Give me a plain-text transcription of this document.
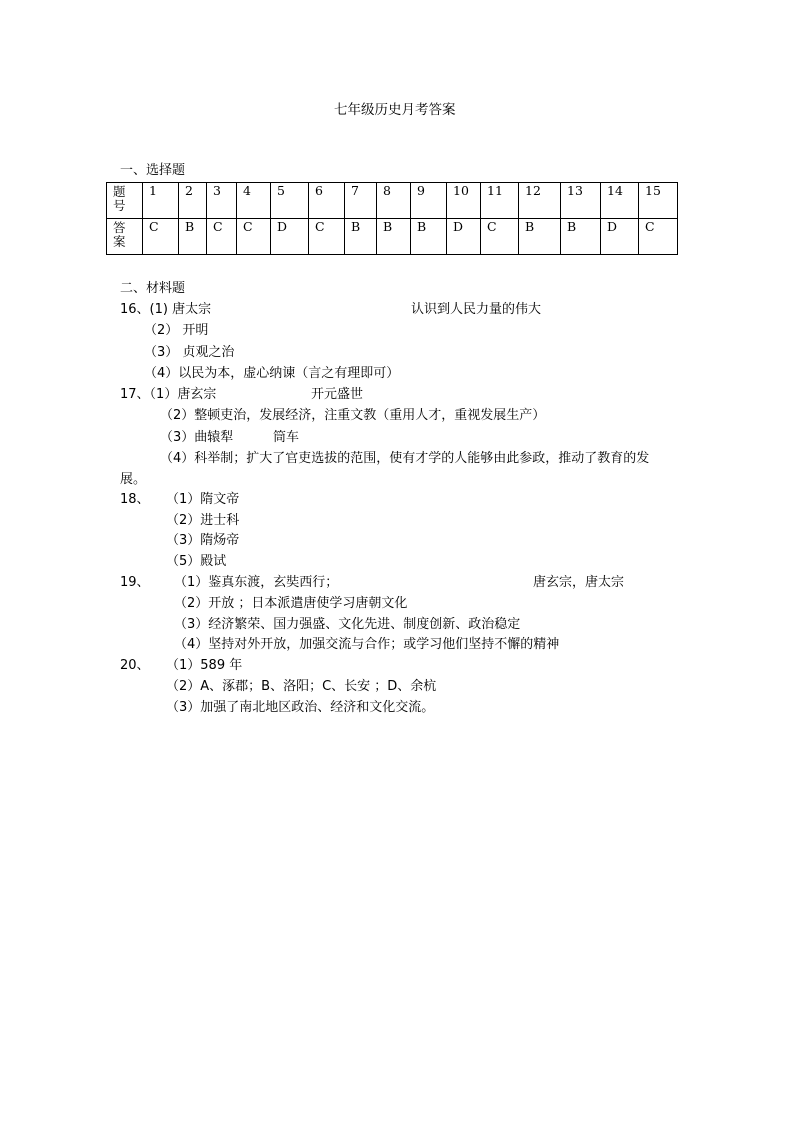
七年级历史月考答案
一、选择题
题号	1	2	3	4	5	6	7	8	9	10	11	12	13	14	15
答案	C	B	C	C	D	C	B	B	B	D	C	B	B	D	C
二、材料题
16、(1) 唐太宗	认识到人民力量的伟大
（2） 开明
（3） 贞观之治
（4）以民为本，虚心纳谏（言之有理即可）
17、（1）唐玄宗	开元盛世
（2）整顿吏治，发展经济，注重文教（重用人才，重视发展生产）
（3）曲辕犁	筒车
（4）科举制；扩大了官吏选拔的范围，使有才学的人能够由此参政，推动了教育的发
展。
18、 （1）隋文帝
（2）进士科
（3）隋炀帝
（5）殿试
19、 （1）鉴真东渡，玄奘西行；	唐玄宗，唐太宗
（2）开放 ；日本派遣唐使学习唐朝文化
（3）经济繁荣、国力强盛、文化先进、制度创新、政治稳定
（4）坚持对外开放，加强交流与合作；或学习他们坚持不懈的精神
20、 （1）589 年
（2）A、涿郡；B、洛阳；C、长安 ；D、余杭
（3）加强了南北地区政治、经济和文化交流。
